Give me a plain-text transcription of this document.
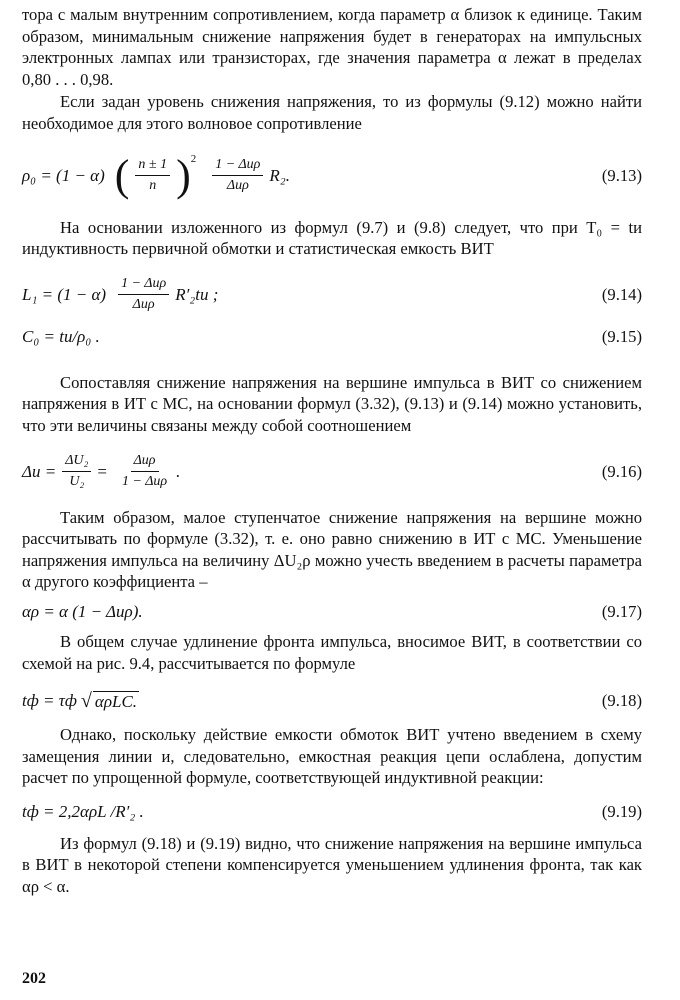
тора с малым внутренним сопротивлением, когда параметр α близок к единице. Таким образом, минимальным снижение напряжения будет в генераторах на импульсных электронных лампах или транзисторах, где значения параметра α лежат в пределах 0,80 . . . 0,98.

Если задан уровень снижения напряжения, то из формулы (9.12) можно найти необходимое для этого волновое сопротивление

ρ₀ = (1 − α) ( $\frac{n \pm 1}{n} )^2 \frac{\text{1 − Δuρ}}{\text{Δuρ}} R_2$.	(9.13)

На основании изложенного из формул (9.7) и (9.8) следует, что при T₀ = tи индуктивность первичной обмотки и статистическая емкость ВИТ

$L_1 = (1 - \alpha) \frac{\text{1 − Δuρ}}{\text{Δuρ}} R'_2tи$ ;	(9.14)
C₀ = tи/ρ₀ .	(9.15)

Сопоставляя снижение напряжения на вершине импульса в ВИТ со снижением напряжения в ИТ с МС, на основании формул (3.32), (9.13) и (9.14) можно установить, что эти величины связаны между собой соотношением

$\Delta u = \frac{\text{ΔU₂}}{\text{U₂}} = \frac{\text{Δuρ}}{\text{1 − Δuρ}}$ .	(9.16)

Таким образом, малое ступенчатое снижение напряжения на вершине можно рассчитывать по формуле (3.32), т. е. оно равно снижению в ИТ с МС. Уменьшение напряжения импульса на величину ΔU₂ρ можно учесть введением в расчеты параметра α другого коэффициента –

αρ = α (1 − Δuρ).	(9.17)

В общем случае удлинение фронта импульса, вносимое ВИТ, в соответствии со схемой на рис. 9.4, рассчитывается по формуле

tф = τф √ αρLC.	(9.18)

Однако, поскольку действие емкости обмоток ВИТ учтено введением в схему замещения линии и, следовательно, емкостная реакция цепи ослаблена, допустим расчет по упрощенной формуле, соответствующей индуктивной реакции:

tф = 2,2αρL /R′₂ .	(9.19)

Из формул (9.18) и (9.19) видно, что снижение напряжения на вершине импульса в ВИТ в некоторой степени компенсируется уменьшением удлинения фронта, так как αρ < α.

202
